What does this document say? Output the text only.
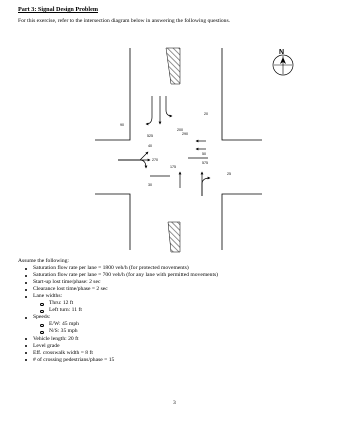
Part 3: Signal Design Problem
For this exercise, refer to the intersection diagram below in answering the following questions.
90
525
200
20
290
40
50
575
270
175
30
25
N
Assume the following:
Saturation flow rate per lane = 1800 veh/h (for protected movements)
Saturation flow rate per lane = 700 veh/h (for any lane with permitted movements)
Start-up lost time/phase: 2 sec
Clearance lost time/phase = 2 sec
Lane widths:
Thru: 12 ft
Left turn: 11 ft
Speeds:
E/W: 45 mph
N/S: 35 mph
Vehicle length: 20 ft
Level grade
Eff. crosswalk width = 8 ft
# of crossing pedestrians/phase = 15
3
